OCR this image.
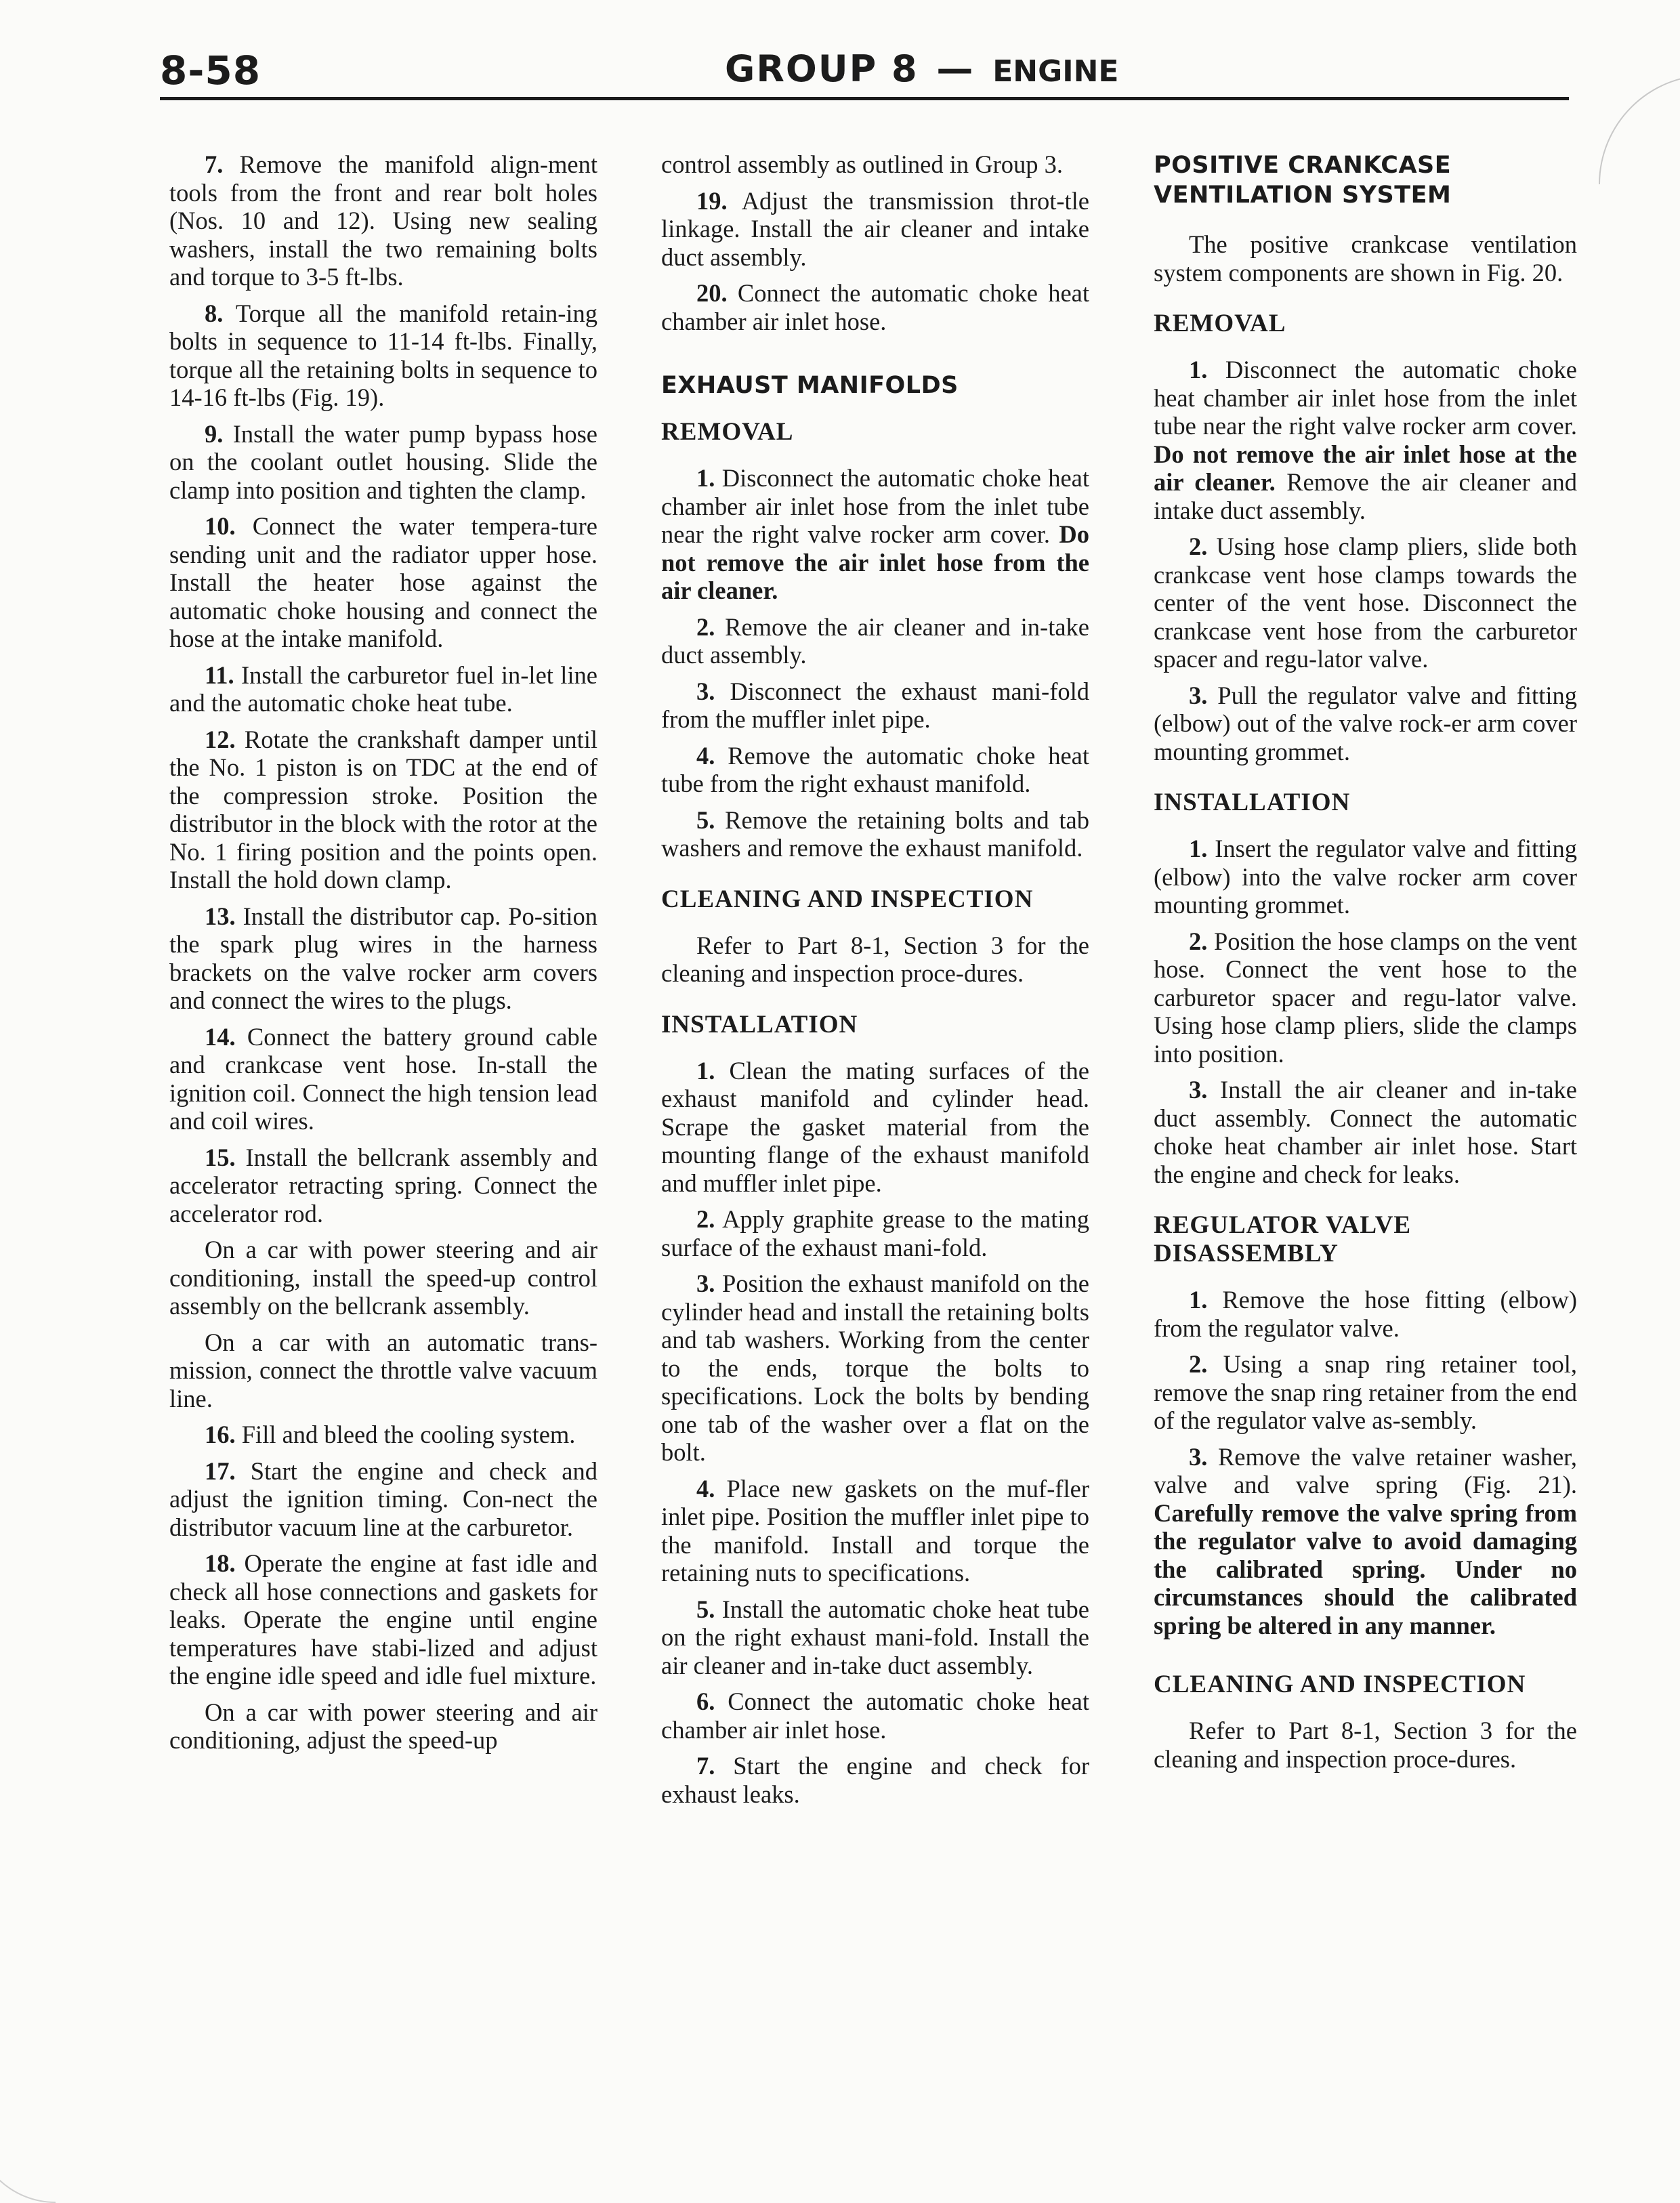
8-58	GROUP 8 — ENGINE

7. Remove the manifold align-ment tools from the front and rear bolt holes (Nos. 10 and 12). Using new sealing washers, install the two remaining bolts and torque to 3-5 ft-lbs.

8. Torque all the manifold retain-ing bolts in sequence to 11-14 ft-lbs. Finally, torque all the retaining bolts in sequence to 14-16 ft-lbs (Fig. 19).

9. Install the water pump bypass hose on the coolant outlet housing. Slide the clamp into position and tighten the clamp.

10. Connect the water tempera-ture sending unit and the radiator upper hose. Install the heater hose against the automatic choke housing and connect the hose at the intake manifold.

11. Install the carburetor fuel in-let line and the automatic choke heat tube.

12. Rotate the crankshaft damper until the No. 1 piston is on TDC at the end of the compression stroke. Position the distributor in the block with the rotor at the No. 1 firing position and the points open. Install the hold down clamp.

13. Install the distributor cap. Po-sition the spark plug wires in the harness brackets on the valve rocker arm covers and connect the wires to the plugs.

14. Connect the battery ground cable and crankcase vent hose. In-stall the ignition coil. Connect the high tension lead and coil wires.

15. Install the bellcrank assembly and accelerator retracting spring. Connect the accelerator rod.

On a car with power steering and air conditioning, install the speed-up control assembly on the bellcrank assembly.

On a car with an automatic trans-mission, connect the throttle valve vacuum line.

16. Fill and bleed the cooling system.

17. Start the engine and check and adjust the ignition timing. Con-nect the distributor vacuum line at the carburetor.

18. Operate the engine at fast idle and check all hose connections and gaskets for leaks. Operate the engine until engine temperatures have stabi-lized and adjust the engine idle speed and idle fuel mixture.

On a car with power steering and air conditioning, adjust the speed-up

control assembly as outlined in Group 3.

19. Adjust the transmission throt-tle linkage. Install the air cleaner and intake duct assembly.

20. Connect the automatic choke heat chamber air inlet hose.

EXHAUST MANIFOLDS
REMOVAL

1. Disconnect the automatic choke heat chamber air inlet hose from the inlet tube near the right valve rocker arm cover. Do not remove the air inlet hose from the air cleaner.

2. Remove the air cleaner and in-take duct assembly.

3. Disconnect the exhaust mani-fold from the muffler inlet pipe.

4. Remove the automatic choke heat tube from the right exhaust manifold.

5. Remove the retaining bolts and tab washers and remove the exhaust manifold.

CLEANING AND INSPECTION

Refer to Part 8-1, Section 3 for the cleaning and inspection proce-dures.

INSTALLATION

1. Clean the mating surfaces of the exhaust manifold and cylinder head. Scrape the gasket material from the mounting flange of the exhaust manifold and muffler inlet pipe.

2. Apply graphite grease to the mating surface of the exhaust mani-fold.

3. Position the exhaust manifold on the cylinder head and install the retaining bolts and tab washers. Working from the center to the ends, torque the bolts to specifications. Lock the bolts by bending one tab of the washer over a flat on the bolt.

4. Place new gaskets on the muf-fler inlet pipe. Position the muffler inlet pipe to the manifold. Install and torque the retaining nuts to specifications.

5. Install the automatic choke heat tube on the right exhaust mani-fold. Install the air cleaner and in-take duct assembly.

6. Connect the automatic choke heat chamber air inlet hose.

7. Start the engine and check for exhaust leaks.

POSITIVE CRANKCASE VENTILATION SYSTEM

The positive crankcase ventilation system components are shown in Fig. 20.

REMOVAL

1. Disconnect the automatic choke heat chamber air inlet hose from the inlet tube near the right valve rocker arm cover. Do not remove the air inlet hose at the air cleaner. Remove the air cleaner and intake duct assembly.

2. Using hose clamp pliers, slide both crankcase vent hose clamps towards the center of the vent hose. Disconnect the crankcase vent hose from the carburetor spacer and regu-lator valve.

3. Pull the regulator valve and fitting (elbow) out of the valve rock-er arm cover mounting grommet.

INSTALLATION

1. Insert the regulator valve and fitting (elbow) into the valve rocker arm cover mounting grommet.

2. Position the hose clamps on the vent hose. Connect the vent hose to the carburetor spacer and regu-lator valve. Using hose clamp pliers, slide the clamps into position.

3. Install the air cleaner and in-take duct assembly. Connect the automatic choke heat chamber air inlet hose. Start the engine and check for leaks.

REGULATOR VALVE DISASSEMBLY

1. Remove the hose fitting (elbow) from the regulator valve.

2. Using a snap ring retainer tool, remove the snap ring retainer from the end of the regulator valve as-sembly.

3. Remove the valve retainer washer, valve and valve spring (Fig. 21). Carefully remove the valve spring from the regulator valve to avoid damaging the calibrated spring. Under no circumstances should the calibrated spring be altered in any manner.

CLEANING AND INSPECTION

Refer to Part 8-1, Section 3 for the cleaning and inspection proce-dures.
